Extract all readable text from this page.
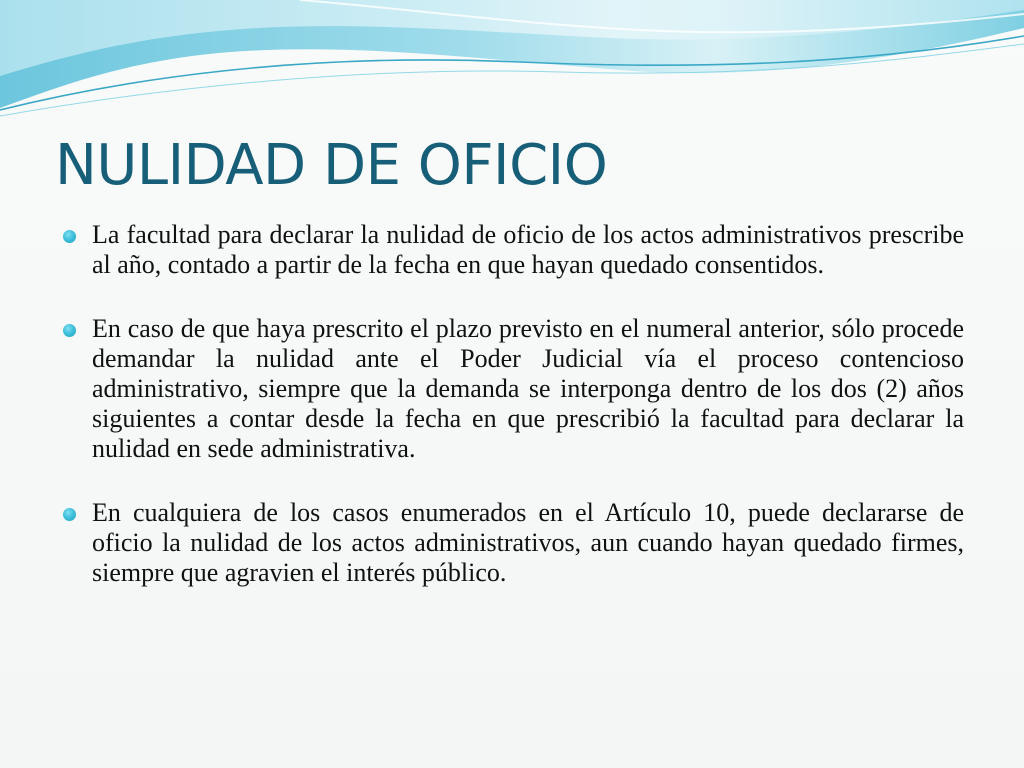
NULIDAD DE OFICIO

La facultad para declarar la nulidad de oficio de los actos administrativos prescribe al año, contado a partir de la fecha en que hayan quedado consentidos.

En caso de que haya prescrito el plazo previsto en el numeral anterior, sólo procede demandar la nulidad ante el Poder Judicial vía el proceso contencioso administrativo, siempre que la demanda se interponga dentro de los dos (2) años siguientes a contar desde la fecha en que prescribió la facultad para declarar la nulidad en sede administrativa.

En cualquiera de los casos enumerados en el Artículo 10, puede declararse de oficio la nulidad de los actos administrativos, aun cuando hayan quedado firmes, siempre que agravien el interés público.
